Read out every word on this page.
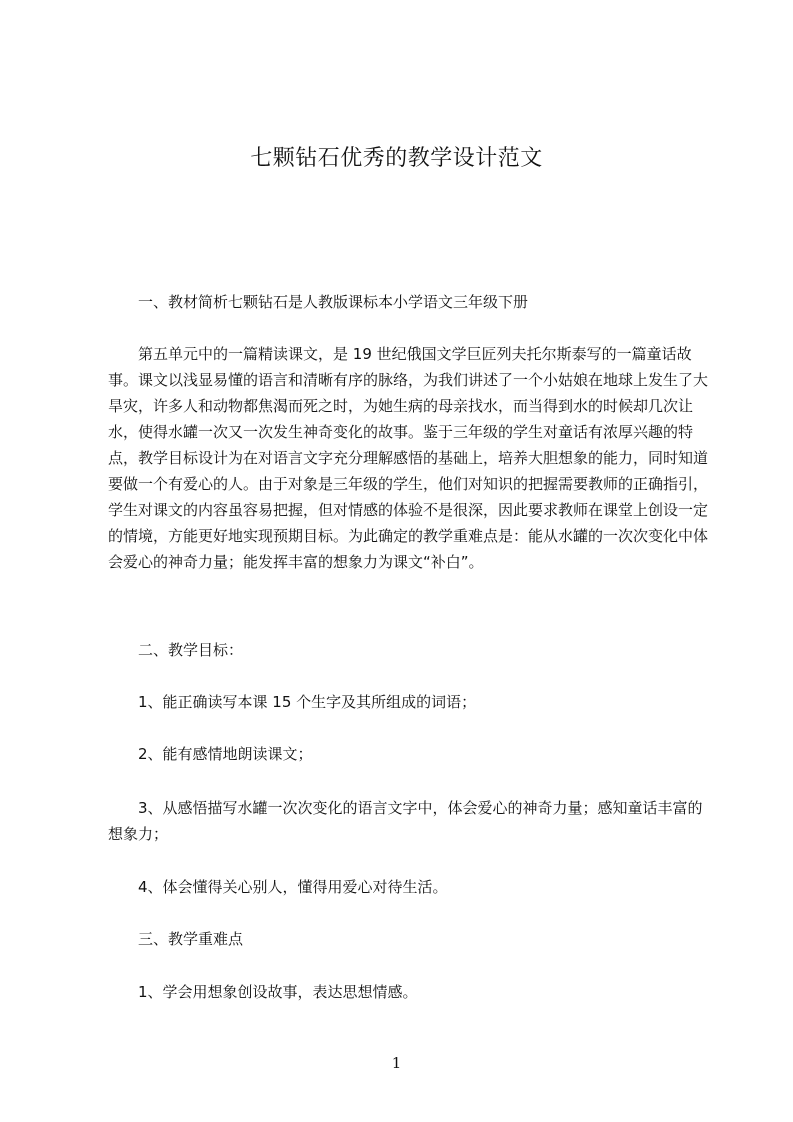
七颗钻石优秀的教学设计范文

一、教材简析七颗钻石是人教版课标本小学语文三年级下册

第五单元中的一篇精读课文，是 19 世纪俄国文学巨匠列夫托尔斯泰写的一篇童话故事。课文以浅显易懂的语言和清晰有序的脉络，为我们讲述了一个小姑娘在地球上发生了大旱灾，许多人和动物都焦渴而死之时，为她生病的母亲找水，而当得到水的时候却几次让水，使得水罐一次又一次发生神奇变化的故事。鉴于三年级的学生对童话有浓厚兴趣的特点，教学目标设计为在对语言文字充分理解感悟的基础上，培养大胆想象的能力，同时知道要做一个有爱心的人。由于对象是三年级的学生，他们对知识的把握需要教师的正确指引，学生对课文的内容虽容易把握，但对情感的体验不是很深，因此要求教师在课堂上创设一定的情境，方能更好地实现预期目标。为此确定的教学重难点是：能从水罐的一次次变化中体会爱心的神奇力量；能发挥丰富的想象力为课文“补白”。

二、教学目标：

1、能正确读写本课 15 个生字及其所组成的词语；

2、能有感情地朗读课文；

3、从感悟描写水罐一次次变化的语言文字中，体会爱心的神奇力量；感知童话丰富的想象力；

4、体会懂得关心别人，懂得用爱心对待生活。

三、教学重难点

1、学会用想象创设故事，表达思想情感。

1
